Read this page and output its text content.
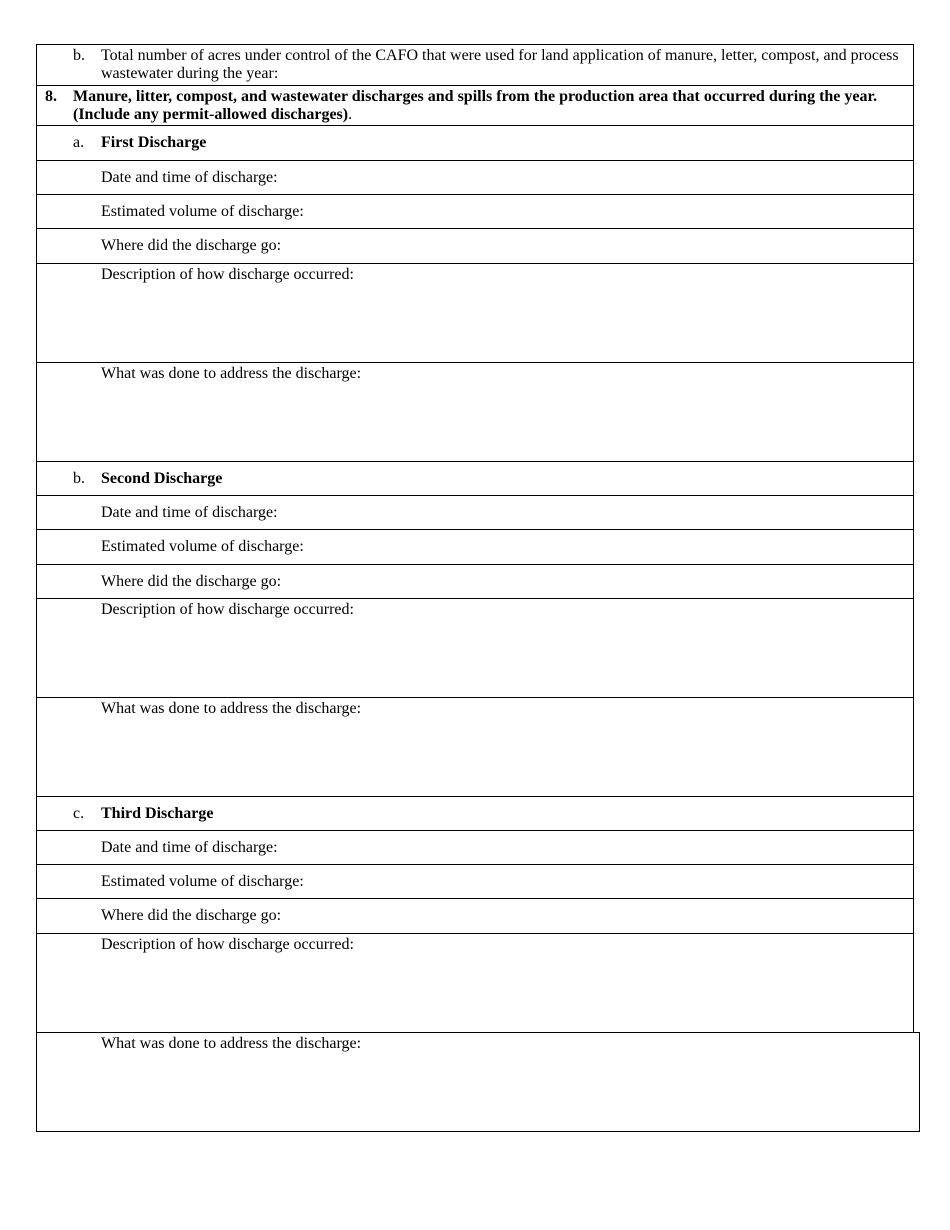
b. Total number of acres under control of the CAFO that were used for land application of manure, letter, compost, and process wastewater during the year:
8. Manure, litter, compost, and wastewater discharges and spills from the production area that occurred during the year. (Include any permit-allowed discharges).
a. First Discharge
Date and time of discharge:
Estimated volume of discharge:
Where did the discharge go:
Description of how discharge occurred:
What was done to address the discharge:
b. Second Discharge
Date and time of discharge:
Estimated volume of discharge:
Where did the discharge go:
Description of how discharge occurred:
What was done to address the discharge:
c. Third Discharge
Date and time of discharge:
Estimated volume of discharge:
Where did the discharge go:
Description of how discharge occurred:
What was done to address the discharge:
